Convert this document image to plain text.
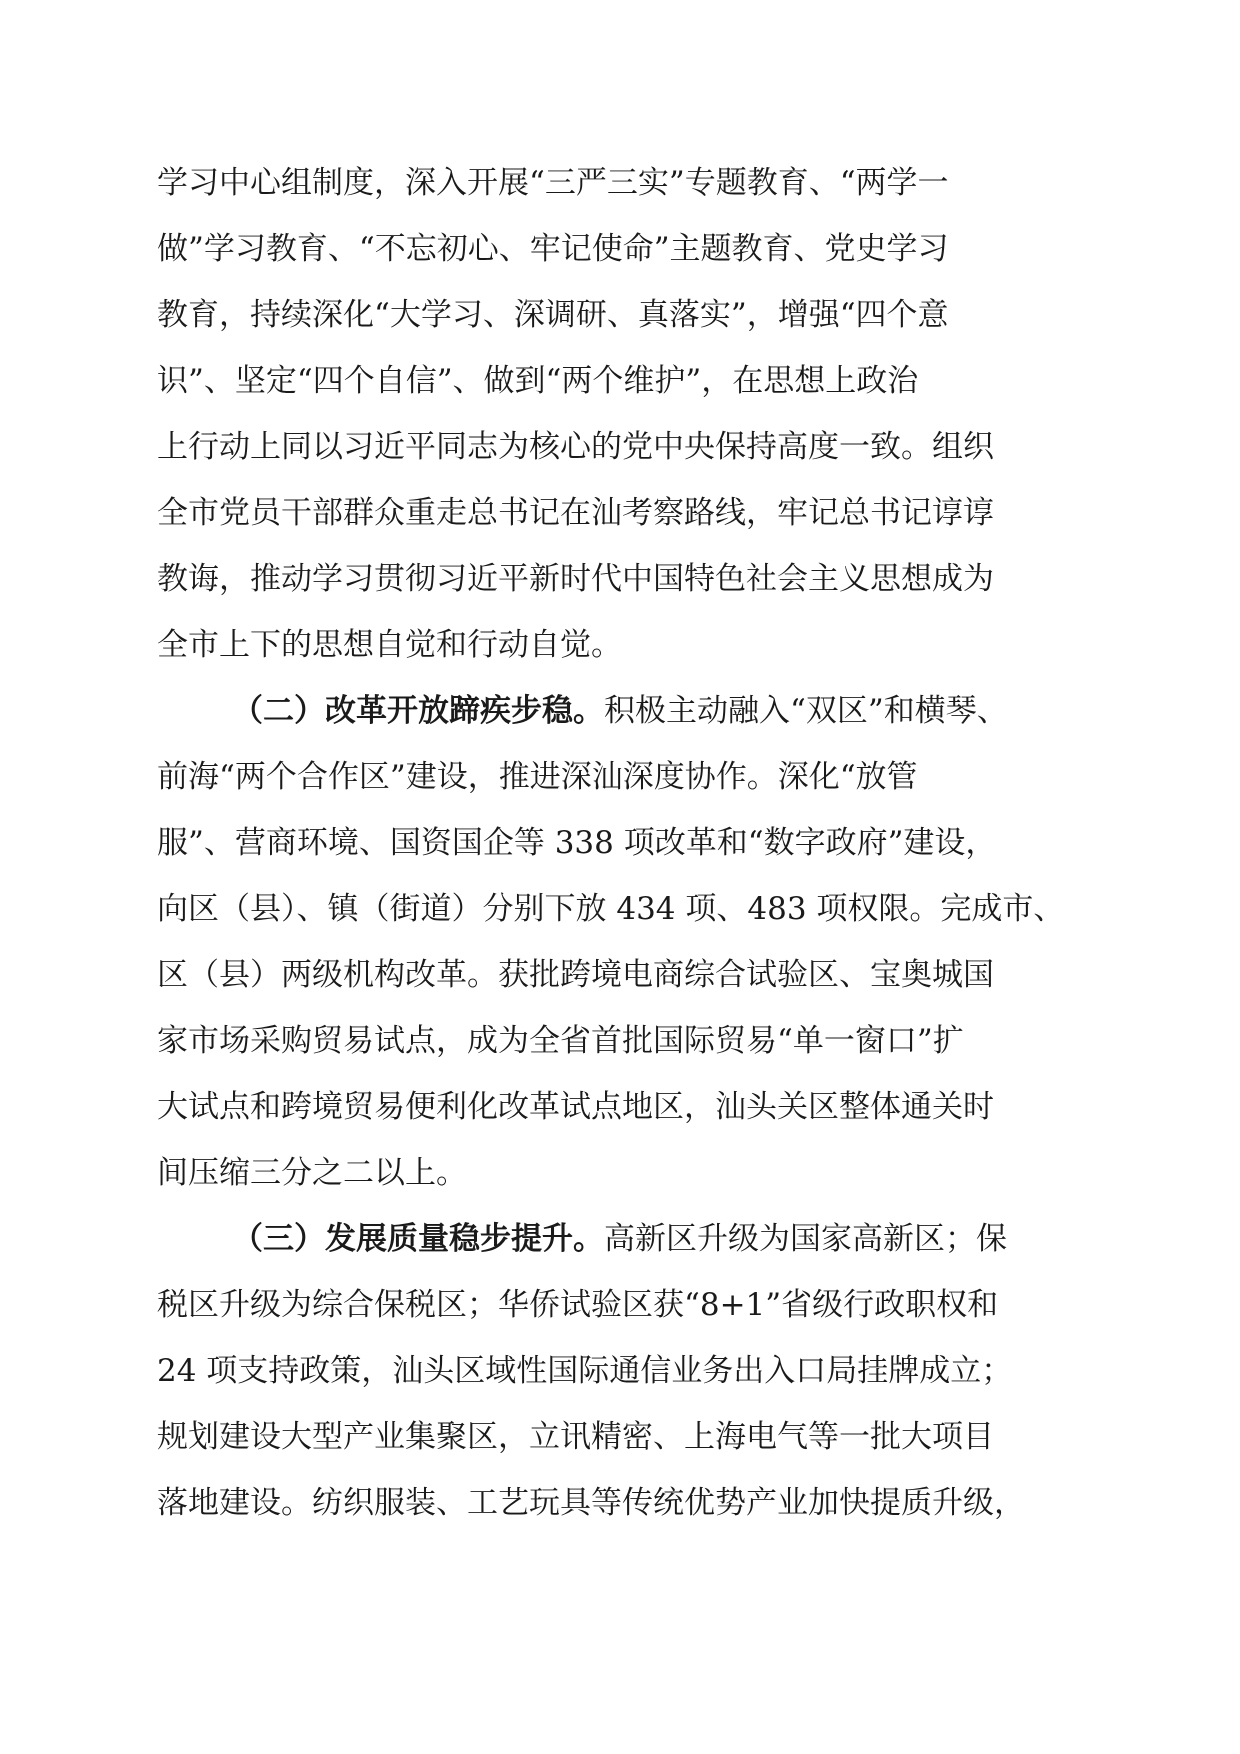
学习中心组制度，深入开展“三严三实”专题教育、“两学一
做”学习教育、“不忘初心、牢记使命”主题教育、党史学习
教育，持续深化“大学习、深调研、真落实”，增强“四个意
识”、坚定“四个自信”、做到“两个维护”，在思想上政治
上行动上同以习近平同志为核心的党中央保持高度一致。组织
全市党员干部群众重走总书记在汕考察路线，牢记总书记谆谆
教诲，推动学习贯彻习近平新时代中国特色社会主义思想成为
全市上下的思想自觉和行动自觉。
（二）改革开放蹄疾步稳。积极主动融入“双区”和横琴、
前海“两个合作区”建设，推进深汕深度协作。深化“放管
服”、营商环境、国资国企等 338 项改革和“数字政府”建设，
向区（县）、镇（街道）分别下放 434 项、483 项权限。完成市、
区（县）两级机构改革。获批跨境电商综合试验区、宝奥城国
家市场采购贸易试点，成为全省首批国际贸易“单一窗口”扩
大试点和跨境贸易便利化改革试点地区，汕头关区整体通关时
间压缩三分之二以上。
（三）发展质量稳步提升。高新区升级为国家高新区；保
税区升级为综合保税区；华侨试验区获“8+1”省级行政职权和
24 项支持政策，汕头区域性国际通信业务出入口局挂牌成立；
规划建设大型产业集聚区，立讯精密、上海电气等一批大项目
落地建设。纺织服装、工艺玩具等传统优势产业加快提质升级，
